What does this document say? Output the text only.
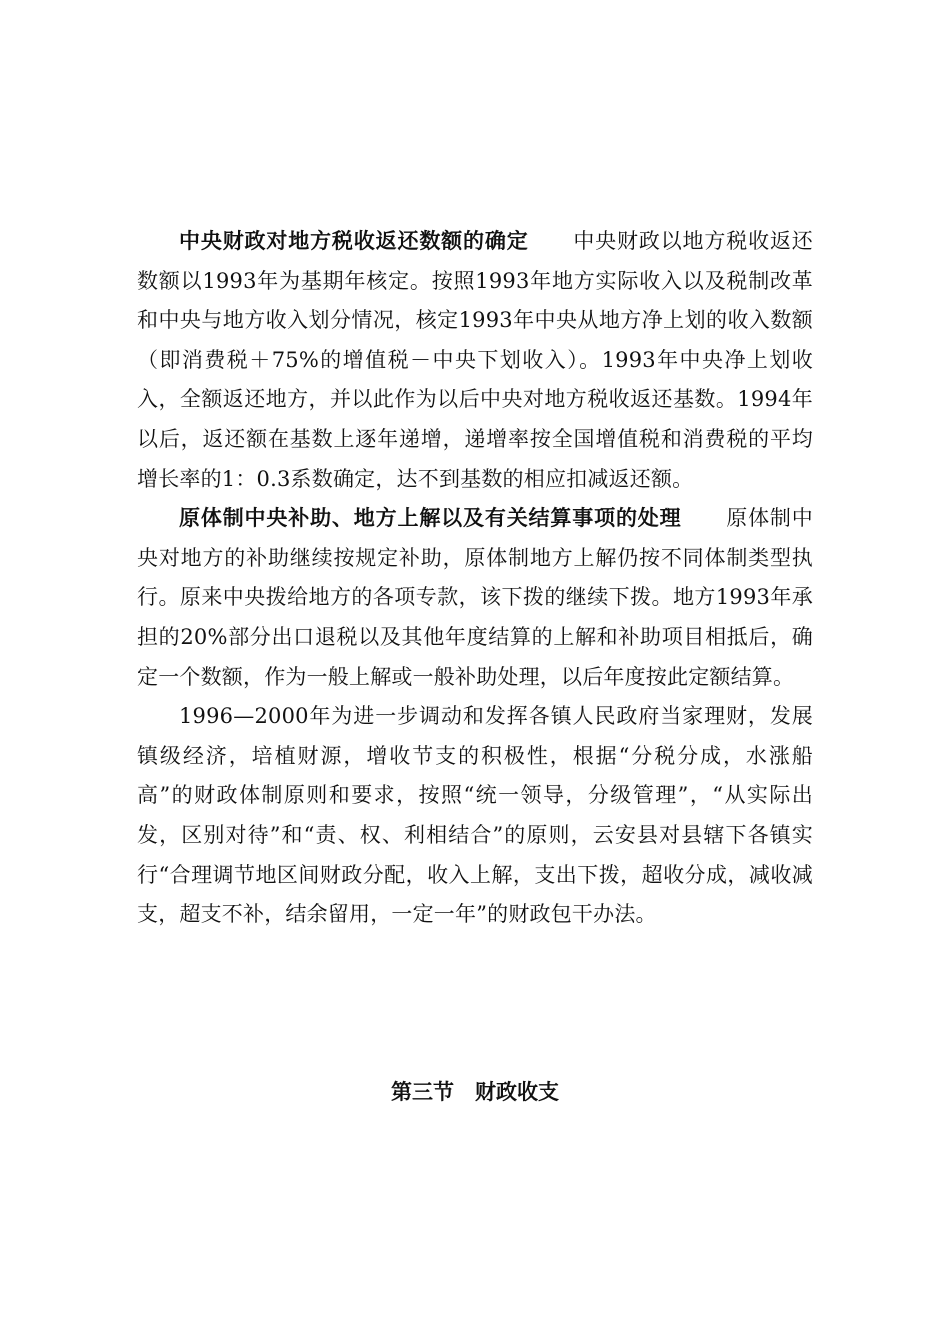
中央财政对地方税收返还数额的确定 中央财政以地方税收返还数额以1993年为基期年核定。按照1993年地方实际收入以及税制改革和中央与地方收入划分情况，核定1993年中央从地方净上划的收入数额（即消费税＋75%的增值税－中央下划收入）。1993年中央净上划收入，全额返还地方，并以此作为以后中央对地方税收返还基数。1994年以后，返还额在基数上逐年递增，递增率按全国增值税和消费税的平均增长率的1：0.3系数确定，达不到基数的相应扣减返还额。

原体制中央补助、地方上解以及有关结算事项的处理 原体制中央对地方的补助继续按规定补助，原体制地方上解仍按不同体制类型执行。原来中央拨给地方的各项专款，该下拨的继续下拨。地方1993年承担的20%部分出口退税以及其他年度结算的上解和补助项目相抵后，确定一个数额，作为一般上解或一般补助处理，以后年度按此定额结算。

1996—2000年为进一步调动和发挥各镇人民政府当家理财，发展镇级经济，培植财源，增收节支的积极性，根据“分税分成，水涨船高”的财政体制原则和要求，按照“统一领导，分级管理”，“从实际出发，区别对待”和“责、权、利相结合”的原则，云安县对县辖下各镇实行“合理调节地区间财政分配，收入上解，支出下拨，超收分成，减收减支，超支不补，结余留用，一定一年”的财政包干办法。

第三节　财政收支
